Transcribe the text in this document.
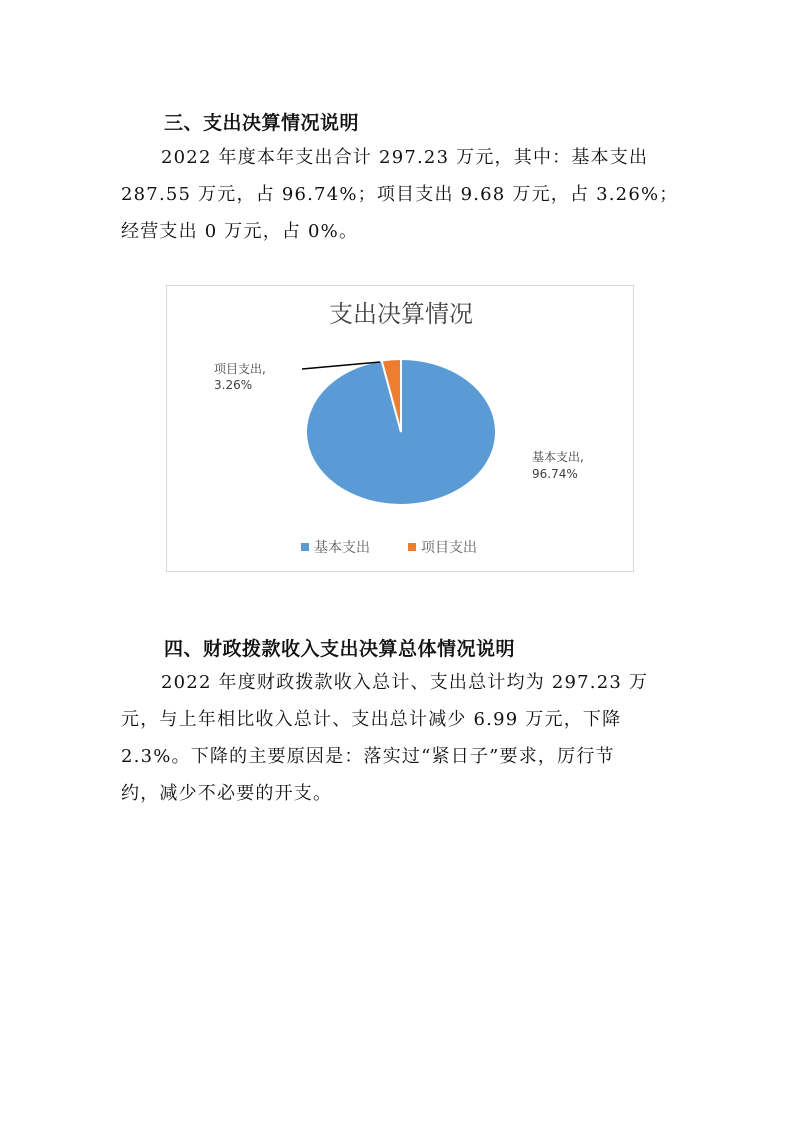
三、支出决算情况说明
2022 年度本年支出合计 297.23 万元，其中：基本支出
287.55 万元，占 96.74%；项目支出 9.68 万元，占 3.26%；
经营支出 0 万元，占 0%。
支出决算情况
项目支出,
3.26%
基本支出,
96.74%
基本支出	项目支出
四、财政拨款收入支出决算总体情况说明
2022 年度财政拨款收入总计、支出总计均为 297.23 万
元，与上年相比收入总计、支出总计减少 6.99 万元，下降
2.3%。下降的主要原因是：落实过“紧日子”要求，厉行节
约，减少不必要的开支。
